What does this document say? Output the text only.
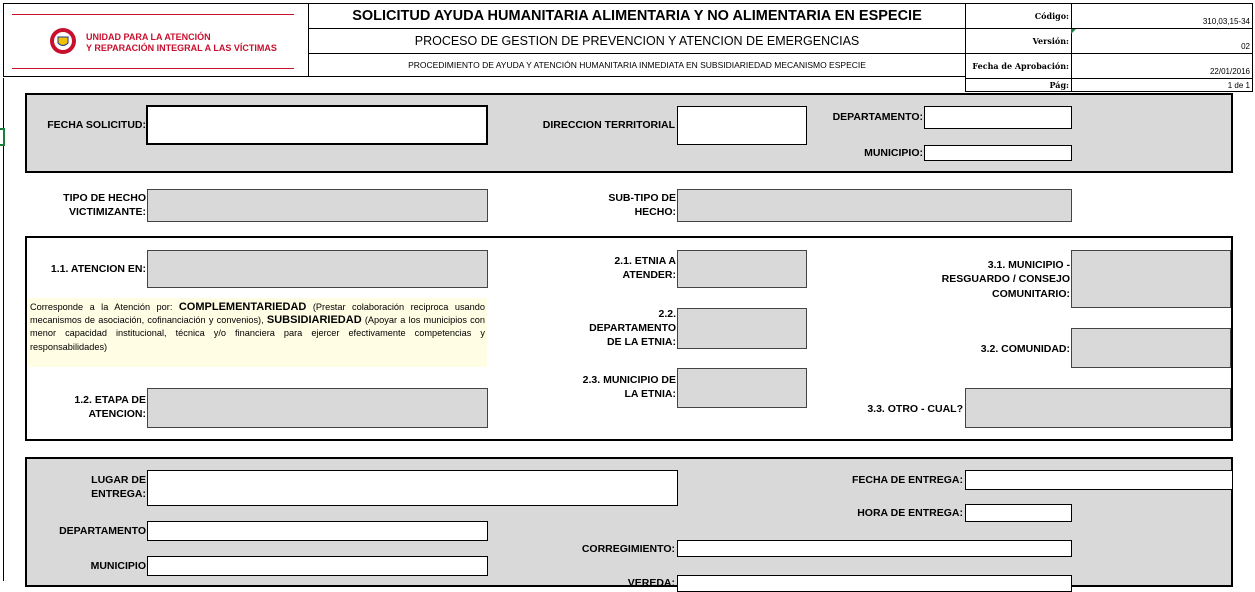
UNIDAD PARA LA ATENCIÓN
Y REPARACIÓN INTEGRAL A LAS VÍCTIMAS
SOLICITUD AYUDA HUMANITARIA ALIMENTARIA Y NO ALIMENTARIA EN ESPECIE
PROCESO DE GESTION DE PREVENCION Y ATENCION DE EMERGENCIAS
PROCEDIMIENTO DE AYUDA Y ATENCIÓN HUMANITARIA INMEDIATA EN SUBSIDIARIEDAD MECANISMO ESPECIE
Código:
310,03,15-34
Versión:
02
Fecha de Aprobación:
22/01/2016
Pág:	1 de 1
FECHA SOLICITUD:	DIRECCION TERRITORIAL
DEPARTAMENTO:
MUNICIPIO:
TIPO DE HECHO
VICTIMIZANTE:
SUB-TIPO DE
HECHO:
1.1. ATENCION EN:
Corresponde a la Atención por: COMPLEMENTARIEDAD (Prestar colaboración reciproca usando mecanismos de asociación, cofinanciación y convenios), SUBSIDIARIEDAD (Apoyar a los municipios con menor capacidad institucional, técnica y/o financiera para ejercer efectivamente competencias y responsabilidades)
1.2. ETAPA DE
ATENCION:
2.1. ETNIA A
ATENDER:
2.2.
DEPARTAMENTO
DE LA ETNIA:
2.3. MUNICIPIO DE
LA ETNIA:
3.1. MUNICIPIO -
RESGUARDO / CONSEJO
COMUNITARIO:
3.2. COMUNIDAD:
3.3. OTRO - CUAL?
LUGAR DE
ENTREGA:
DEPARTAMENTO
MUNICIPIO
FECHA DE ENTREGA:
HORA DE ENTREGA:
CORREGIMIENTO:
VEREDA:
